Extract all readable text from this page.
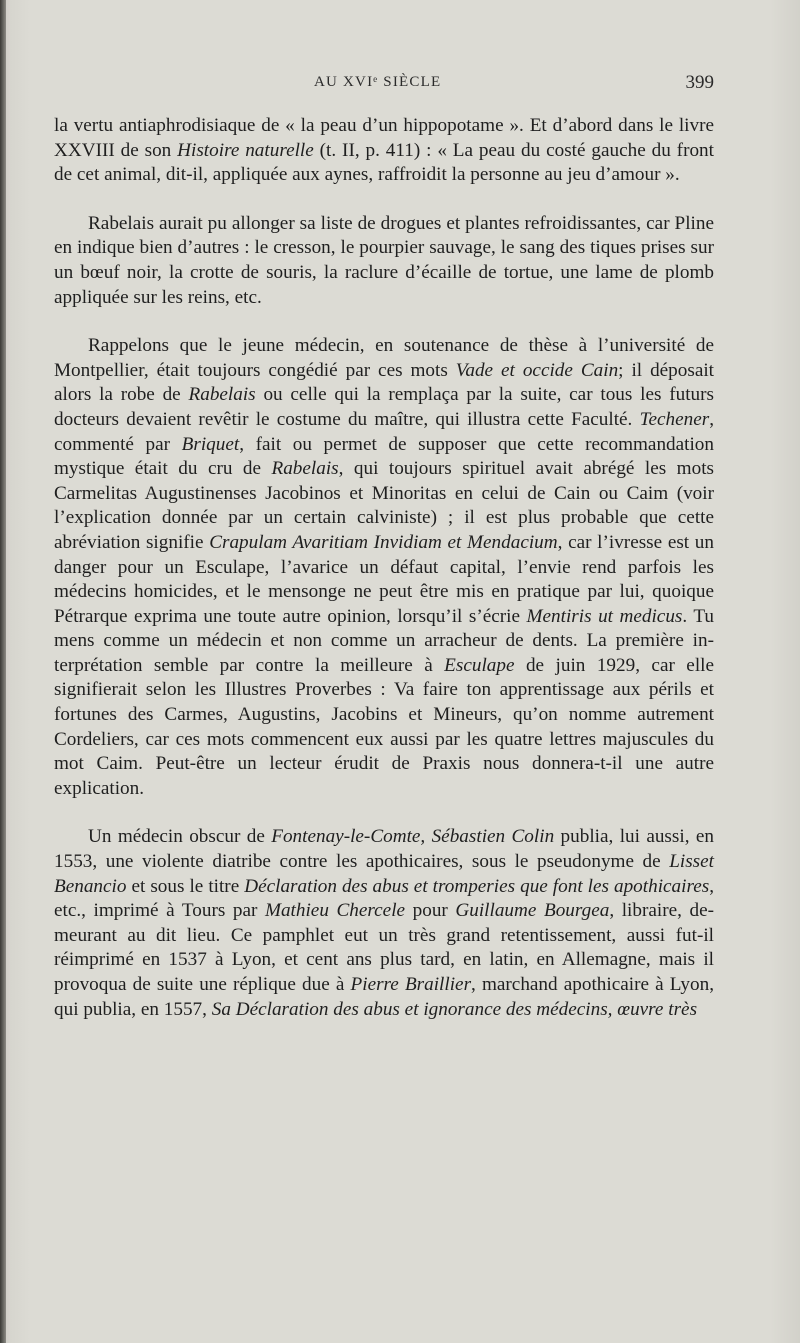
AU XVIᵉ SIÈCLE	399

la vertu antiaphrodisiaque de « la peau d’un hippopotame ». Et d’abord dans le livre XXVIII de son Histoire naturelle (t. II, p. 411) : « La peau du costé gauche du front de cet animal, dit-il, appliquée aux aynes, raffroidit la personne au jeu d’amour ».

Rabelais aurait pu allonger sa liste de drogues et plantes refroidissantes, car Pline en indique bien d’autres : le cresson, le pourpier sauvage, le sang des tiques prises sur un bœuf noir, la crotte de souris, la raclure d’écaille de tortue, une lame de plomb appliquée sur les reins, etc.

Rappelons que le jeune médecin, en soutenance de thèse à l’université de Montpellier, était toujours congédié par ces mots Vade et occide Cain; il déposait alors la robe de Rabelais ou celle qui la remplaça par la suite, car tous les futurs docteurs devaient revêtir le costume du maître, qui illustra cette Faculté. Techener, commenté par Briquet, fait ou permet de supposer que cette recommandation mystique était du cru de Rabelais, qui toujours spirituel avait abrégé les mots Carmelitas Augustinenses Jacobinos et Minoritas en celui de Cain ou Caim (voir l’explication donnée par un certain calviniste) ; il est plus probable que cette abréviation signifie Crapulam Avaritiam Invidiam et Mendacium, car l’ivresse est un danger pour un Esculape, l’avarice un défaut capital, l’envie rend parfois les médecins homicides, et le mensonge ne peut être mis en pratique par lui, quoique Pétrarque exprima une toute autre opinion, lorsqu’il s’écrie Mentiris ut medicus. Tu mens comme un médecin et non comme un arracheur de dents. La première interprétation semble par contre la meilleure à Esculape de juin 1929, car elle signifierait selon les Illustres Proverbes : Va faire ton apprentissage aux périls et fortunes des Carmes, Augustins, Jacobins et Mineurs, qu’on nomme autrement Cordeliers, car ces mots commencent eux aussi par les quatre lettres majuscules du mot Caim. Peut-être un lecteur érudit de Praxis nous donnera-t-il une autre explication.

Un médecin obscur de Fontenay-le-Comte, Sébastien Colin publia, lui aussi, en 1553, une violente diatribe contre les apothicaires, sous le pseudonyme de Lisset Benancio et sous le titre Déclaration des abus et tromperies que font les apothicaires, etc., imprimé à Tours par Mathieu Chercele pour Guillaume Bourgea, libraire, demeurant au dit lieu. Ce pamphlet eut un très grand retentissement, aussi fut-il réimprimé en 1537 à Lyon, et cent ans plus tard, en latin, en Allemagne, mais il provoqua de suite une réplique due à Pierre Braillier, marchand apothicaire à Lyon, qui publia, en 1557, Sa Déclaration des abus et ignorance des médecins, œuvre très
